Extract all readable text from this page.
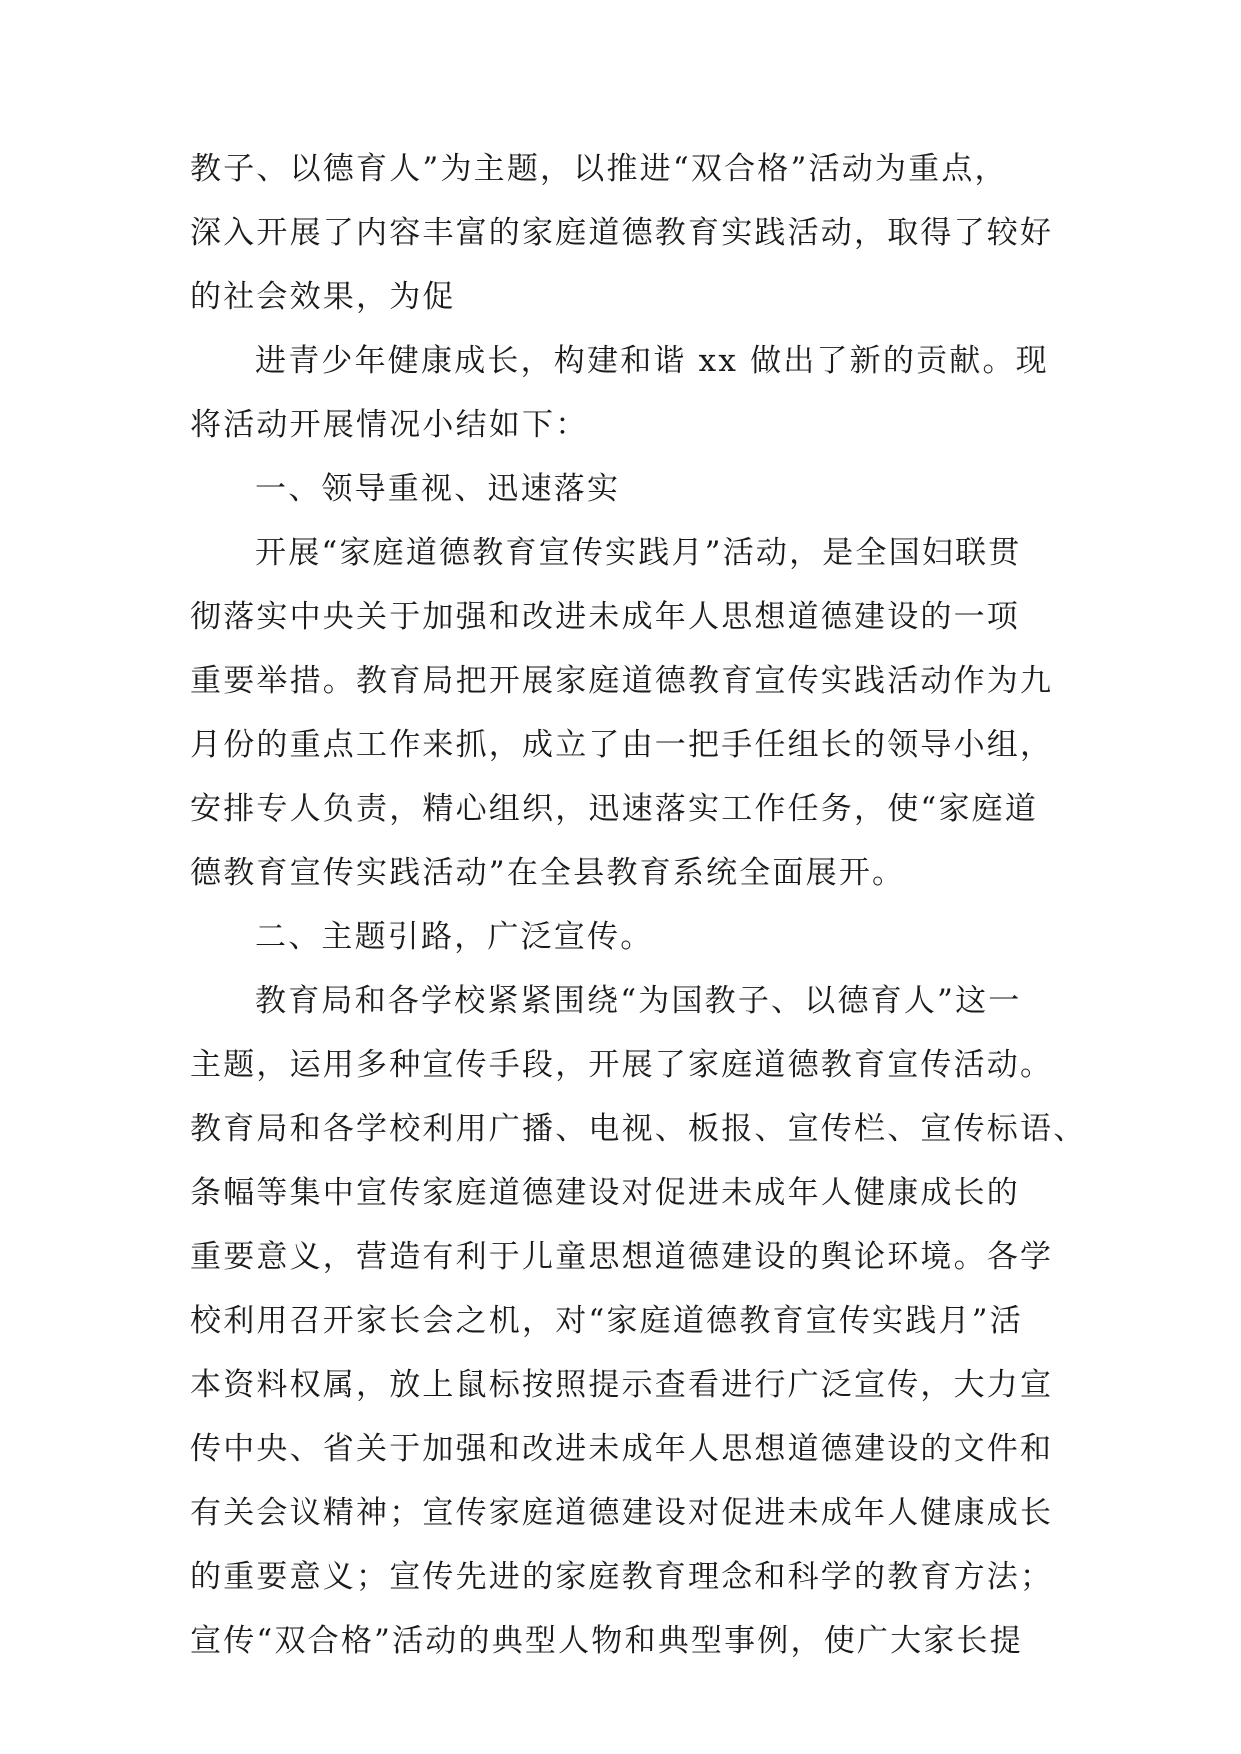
教子、以德育人”为主题，以推进“双合格”活动为重点，
深入开展了内容丰富的家庭道德教育实践活动，取得了较好
的社会效果，为促
进青少年健康成长，构建和谐 xx 做出了新的贡献。现
将活动开展情况小结如下：
一、领导重视、迅速落实
开展“家庭道德教育宣传实践月”活动，是全国妇联贯
彻落实中央关于加强和改进未成年人思想道德建设的一项
重要举措。教育局把开展家庭道德教育宣传实践活动作为九
月份的重点工作来抓，成立了由一把手任组长的领导小组，
安排专人负责，精心组织，迅速落实工作任务，使“家庭道
德教育宣传实践活动”在全县教育系统全面展开。
二、主题引路，广泛宣传。
教育局和各学校紧紧围绕“为国教子、以德育人”这一
主题，运用多种宣传手段，开展了家庭道德教育宣传活动。
教育局和各学校利用广播、电视、板报、宣传栏、宣传标语、
条幅等集中宣传家庭道德建设对促进未成年人健康成长的
重要意义，营造有利于儿童思想道德建设的舆论环境。各学
校利用召开家长会之机，对“家庭道德教育宣传实践月”活
本资料权属，放上鼠标按照提示查看进行广泛宣传，大力宣
传中央、省关于加强和改进未成年人思想道德建设的文件和
有关会议精神；宣传家庭道德建设对促进未成年人健康成长
的重要意义；宣传先进的家庭教育理念和科学的教育方法；
宣传“双合格”活动的典型人物和典型事例，使广大家长提
